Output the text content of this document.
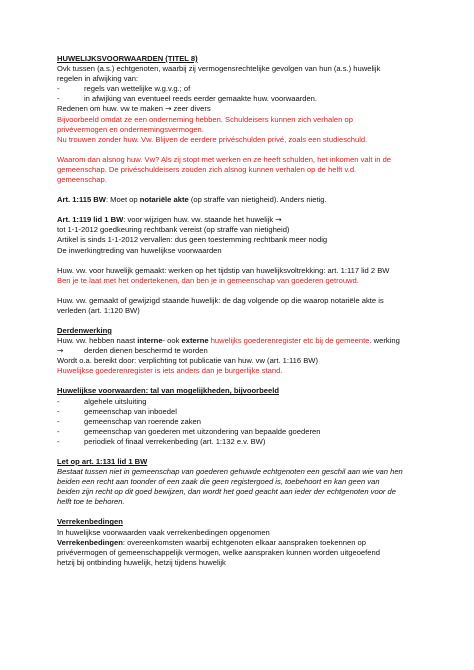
HUWELIJKSVOORWAARDEN (TITEL 8)

Ovk tussen (a.s.) echtgenoten, waarbij zij vermogensrechtelijke gevolgen van hun (a.s.) huwelijk

regelen in afwijking van:

-	regels van wettelijke w.g.v.g.; of
-	in afwijking van eventueel reeds eerder gemaakte huw. voorwaarden.

Redenen om huw. vw te maken → zeer divers

Bijvoorbeeld omdat ze een onderneming hebben. Schuldeisers kunnen zich verhalen op

privévermogen en ondernemingsvermogen.

Nu trouwen zonder huw. Vw. Blijven de eerdere privéschulden privé, zoals een studieschuld.

Waarom dan alsnog huw. Vw? Als zij stopt met werken en ze heeft schulden, het inkomen valt in de

gemeenschap. De privéschuldeisers zouden zich alsnog kunnen verhalen op de helft v.d.

gemeenschap.

Art. 1:115 BW: Moet op notariële akte (op straffe van nietigheid). Anders nietig.

Art. 1:119 lid 1 BW: voor wijzigen huw. vw. staande het huwelijk →

tot 1-1-2012 goedkeuring rechtbank vereist (op straffe van nietigheid)

Artikel is sinds 1-1-2012 vervallen: dus geen toestemming rechtbank meer nodig

De inwerkingtreding van huwelijkse voorwaarden

Huw. vw. voor huwelijk gemaakt: werken op het tijdstip van huwelijksvoltrekking: art. 1:117 lid 2 BW

Ben je te laat met het ondertekenen, dan ben je in gemeenschap van goederen getrouwd.

Huw. vw. gemaakt of gewijzigd staande huwelijk: de dag volgende op die waarop notariële akte is

verleden (art. 1:120 BW)

Derdenwerking

Huw. vw. hebben naast interne- ook externe huwelijks goederenregister etc bij de gemeente. werking

→	derden dienen beschermd te worden

Wordt o.a. bereikt door: verplichting tot publicatie van huw. vw (art. 1:116 BW)

Huwelijkse goederenregister is iets anders dan je burgerlijke stand.

Huwelijkse voorwaarden: tal van mogelijkheden, bijvoorbeeld

-	algehele uitsluiting
-	gemeenschap van inboedel
-	gemeenschap van roerende zaken
-	gemeenschap van goederen met uitzondering van bepaalde goederen
-	periodiek of finaal verrekenbeding (art. 1:132 e.v. BW)

Let op art. 1:131 lid 1 BW

Bestaat tussen niet in gemeenschap van goederen gehuwde echtgenoten een geschil aan wie van hen

beiden een recht aan toonder of een zaak die geen registergoed is, toebehoort en kan geen van

beiden zijn recht op dit goed bewijzen, dan wordt het goed geacht aan ieder der echtgenoten voor de

helft toe te behoren.

Verrekenbedingen

In huwelijkse voorwaarden vaak verrekenbedingen opgenomen

Verrekenbedingen: overeenkomsten waarbij echtgenoten elkaar aanspraken toekennen op

privévermogen of gemeenschappelijk vermogen, welke aanspraken kunnen worden uitgeoefend

hetzij bij ontbinding huwelijk, hetzij tijdens huwelijk
